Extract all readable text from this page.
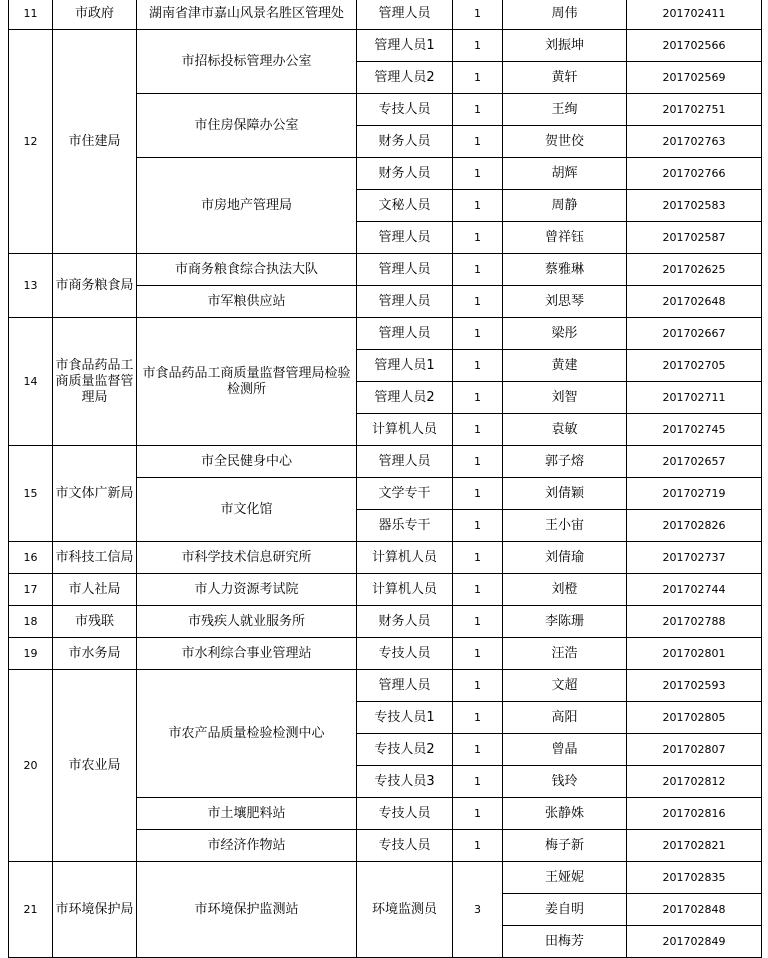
11	市政府	湖南省津市嘉山风景名胜区管理处	管理人员	1	周伟	201702411
12	市住建局	市招标投标管理办公室	管理人员1	1	刘振坤	201702566
			管理人员2	1	黄轩	201702569
		市住房保障办公室	专技人员	1	王绚	201702751
			财务人员	1	贺世佼	201702763
		市房地产管理局	财务人员	1	胡辉	201702766
			文秘人员	1	周静	201702583
			管理人员	1	曾祥钰	201702587
13	市商务粮食局	市商务粮食综合执法大队	管理人员	1	蔡雅琳	201702625
		市军粮供应站	管理人员	1	刘思琴	201702648
14	市食品药品工商质量监督管理局	市食品药品工商质量监督管理局检验检测所	管理人员	1	梁彤	201702667
			管理人员1	1	黄建	201702705
			管理人员2	1	刘智	201702711
			计算机人员	1	袁敏	201702745
15	市文体广新局	市全民健身中心	管理人员	1	郭子熔	201702657
		市文化馆	文学专干	1	刘倩颖	201702719
			器乐专干	1	王小宙	201702826
16	市科技工信局	市科学技术信息研究所	计算机人员	1	刘倩瑜	201702737
17	市人社局	市人力资源考试院	计算机人员	1	刘橙	201702744
18	市残联	市残疾人就业服务所	财务人员	1	李陈珊	201702788
19	市水务局	市水利综合事业管理站	专技人员	1	汪浩	201702801
20	市农业局	市农产品质量检验检测中心	管理人员	1	文超	201702593
			专技人员1	1	高阳	201702805
			专技人员2	1	曾晶	201702807
			专技人员3	1	钱玲	201702812
		市土壤肥料站	专技人员	1	张静姝	201702816
		市经济作物站	专技人员	1	梅子新	201702821
21	市环境保护局	市环境保护监测站	环境监测员	3	王娅妮	201702835
					姜自明	201702848
					田梅芳	201702849
